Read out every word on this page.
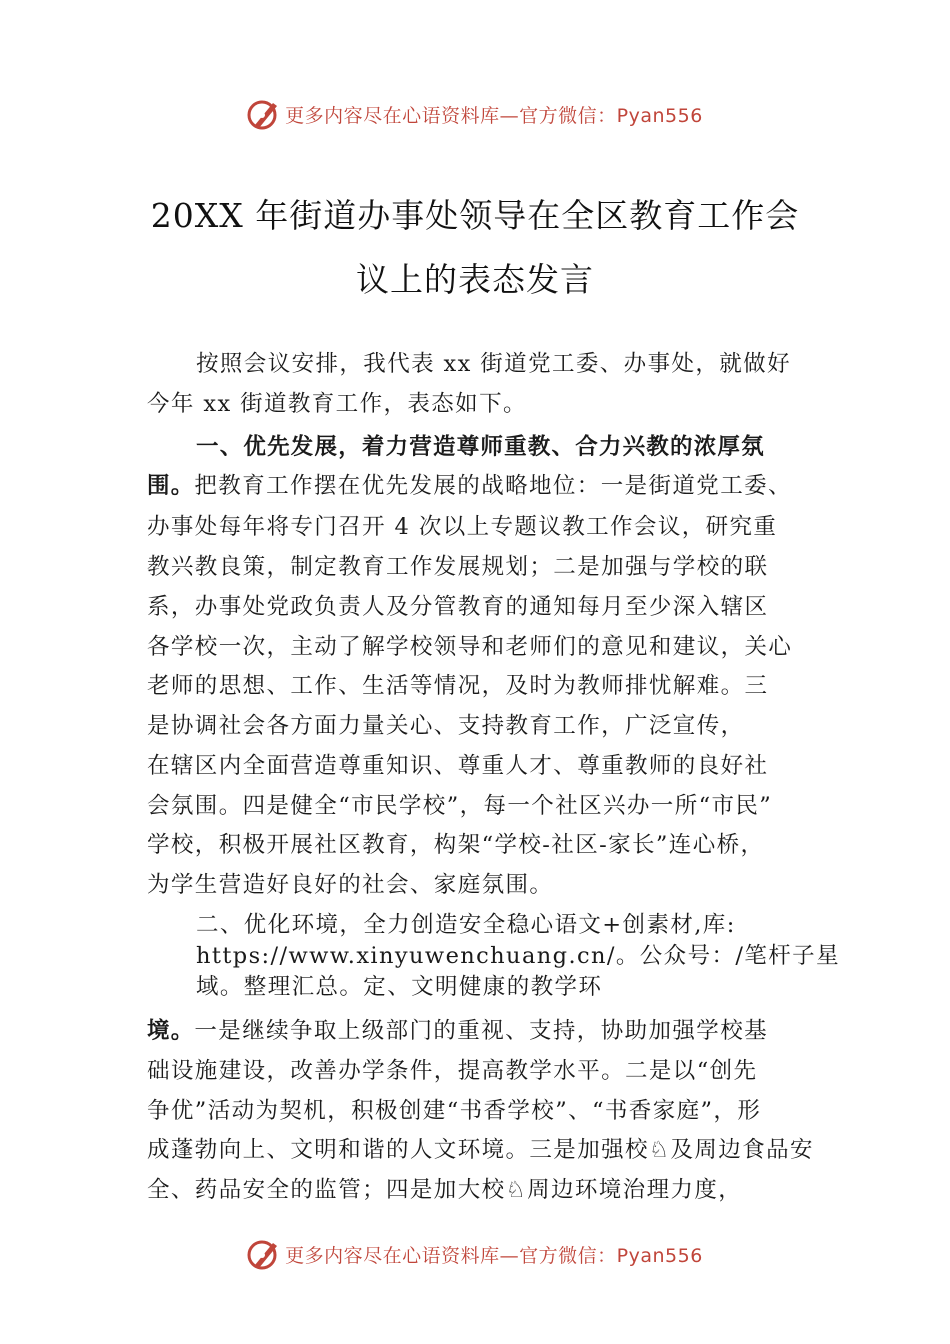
更多内容尽在心语资料库—官方微信：Pyan556
20XX 年街道办事处领导在全区教育工作会
议上的表态发言
按照会议安排，我代表 xx 街道党工委、办事处，就做好
今年 xx 街道教育工作，表态如下。
一、优先发展，着力营造尊师重教、合力兴教的浓厚氛
围。把教育工作摆在优先发展的战略地位：一是街道党工委、
办事处每年将专门召开 4 次以上专题议教工作会议，研究重
教兴教良策，制定教育工作发展规划；二是加强与学校的联
系，办事处党政负责人及分管教育的通知每月至少深入辖区
各学校一次，主动了解学校领导和老师们的意见和建议，关心
老师的思想、工作、生活等情况，及时为教师排忧解难。三
是协调社会各方面力量关心、支持教育工作，广泛宣传，
在辖区内全面营造尊重知识、尊重人才、尊重教师的良好社
会氛围。四是健全“市民学校”，每一个社区兴办一所“市民”
学校，积极开展社区教育，构架“学校-社区-家长”连心桥，
为学生营造好良好的社会、家庭氛围。
二、优化环境，全力创造安全稳心语文+创素材,库:
https://www.xinyuwenchuang.cn/。公众号：/笔杆子星
域。整理汇总。定、文明健康的教学环
境。一是继续争取上级部门的重视、支持，协助加强学校基
础设施建设，改善办学条件，提高教学水平。二是以“创先
争优”活动为契机，积极创建“书香学校”、“书香家庭”，形
成蓬勃向上、文明和谐的人文环境。三是加强校♘及周边食品安
全、药品安全的监管；四是加大校♘周边环境治理力度，
更多内容尽在心语资料库—官方微信：Pyan556
